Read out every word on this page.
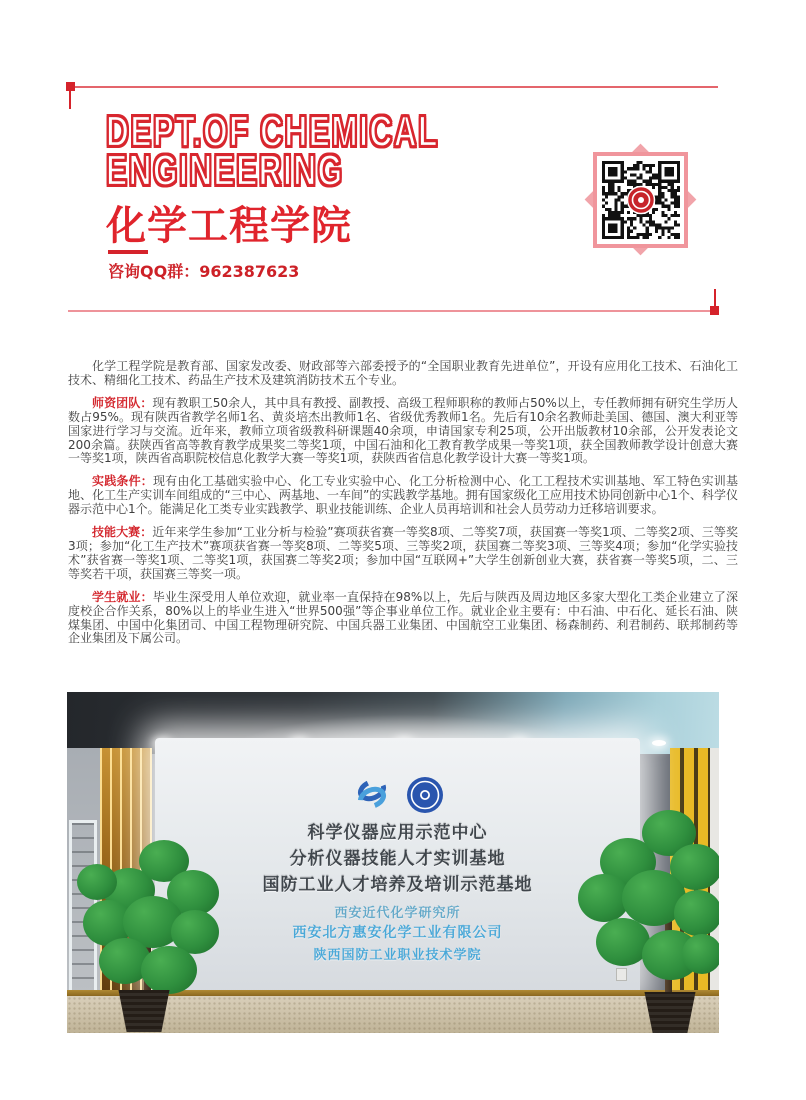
DEPT.OF CHEMICAL
ENGINEERING
化学工程学院
咨询QQ群：962387623

化学工程学院是教育部、国家发改委、财政部等六部委授予的“全国职业教育先进单位”，开设有应用化工技术、石油化工技术、精细化工技术、药品生产技术及建筑消防技术五个专业。

师资团队：现有教职工50余人，其中具有教授、副教授、高级工程师职称的教师占50%以上，专任教师拥有研究生学历人数占95%。现有陕西省教学名师1名、黄炎培杰出教师1名、省级优秀教师1名。先后有10余名教师赴美国、德国、澳大利亚等国家进行学习与交流。近年来，教师立项省级教科研课题40余项，申请国家专利25项，公开出版教材10余部，公开发表论文200余篇。获陕西省高等教育教学成果奖二等奖1项，中国石油和化工教育教学成果一等奖1项，获全国教师教学设计创意大赛一等奖1项，陕西省高职院校信息化教学大赛一等奖1项，获陕西省信息化教学设计大赛一等奖1项。

实践条件：现有由化工基础实验中心、化工专业实验中心、化工分析检测中心、化工工程技术实训基地、军工特色实训基地、化工生产实训车间组成的“三中心、两基地、一车间”的实践教学基地。拥有国家级化工应用技术协同创新中心1个、科学仪器示范中心1个。能满足化工类专业实践教学、职业技能训练、企业人员再培训和社会人员劳动力迁移培训要求。

技能大赛：近年来学生参加“工业分析与检验”赛项获省赛一等奖8项、二等奖7项，获国赛一等奖1项、二等奖2项、三等奖3项；参加“化工生产技术”赛项获省赛一等奖8项、二等奖5项、三等奖2项，获国赛二等奖3项、三等奖4项；参加“化学实验技术”获省赛一等奖1项、二等奖1项，获国赛二等奖2项；参加中国“互联网+”大学生创新创业大赛，获省赛一等奖5项，二、三等奖若干项，获国赛三等奖一项。

学生就业：毕业生深受用人单位欢迎，就业率一直保持在98%以上，先后与陕西及周边地区多家大型化工类企业建立了深度校企合作关系，80%以上的毕业生进入“世界500强”等企事业单位工作。就业企业主要有：中石油、中石化、延长石油、陕煤集团、中国中化集团司、中国工程物理研究院、中国兵器工业集团、中国航空工业集团、杨森制药、利君制药、联邦制药等企业集团及下属公司。

科学仪器应用示范中心
分析仪器技能人才实训基地
国防工业人才培养及培训示范基地
西安近代化学研究所
西安北方惠安化学工业有限公司
陕西国防工业职业技术学院
